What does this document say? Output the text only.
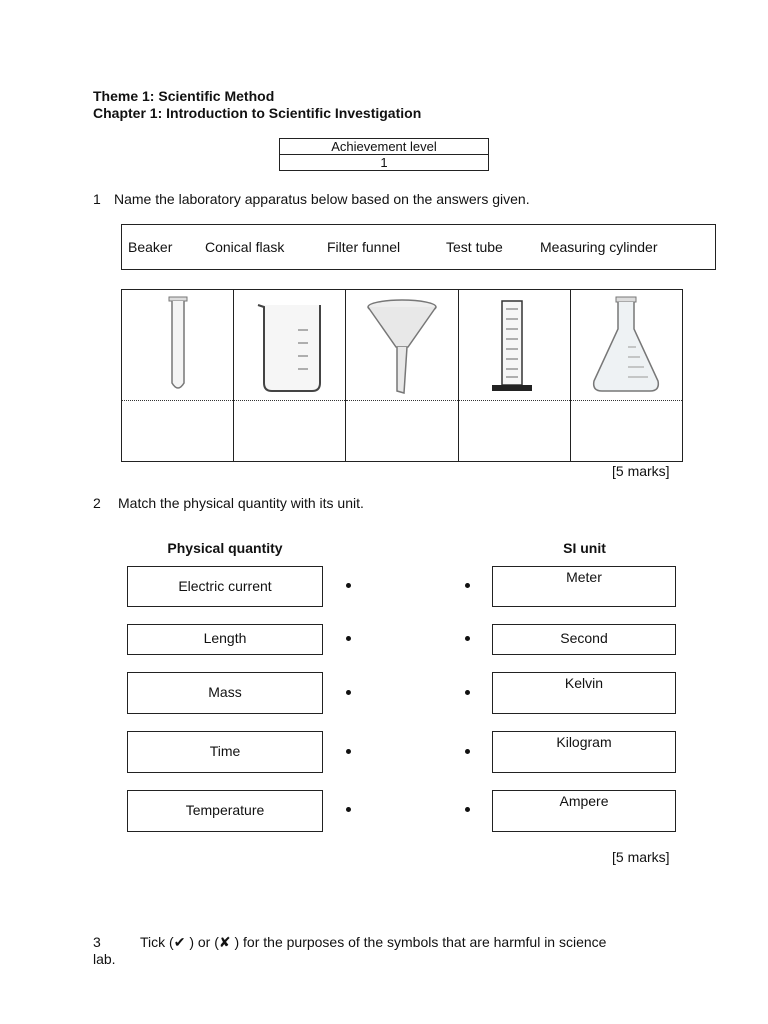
Theme 1: Scientific Method
Chapter 1: Introduction to Scientific Investigation
Achievement level
1
1 Name the laboratory apparatus below based on the answers given.
Beaker Conical flask	Filter funnel	Test tube	Measuring cylinder

[5 marks]
2 Match the physical quantity with its unit.
Physical quantity	SI unit
Electric current
Length
Mass
Time
Temperature
Meter
Second
Kelvin
Kilogram
Ampere
[5 marks]
3	Tick (✔ ) or (✘ ) for the purposes of the symbols that are harmful in science
lab.
